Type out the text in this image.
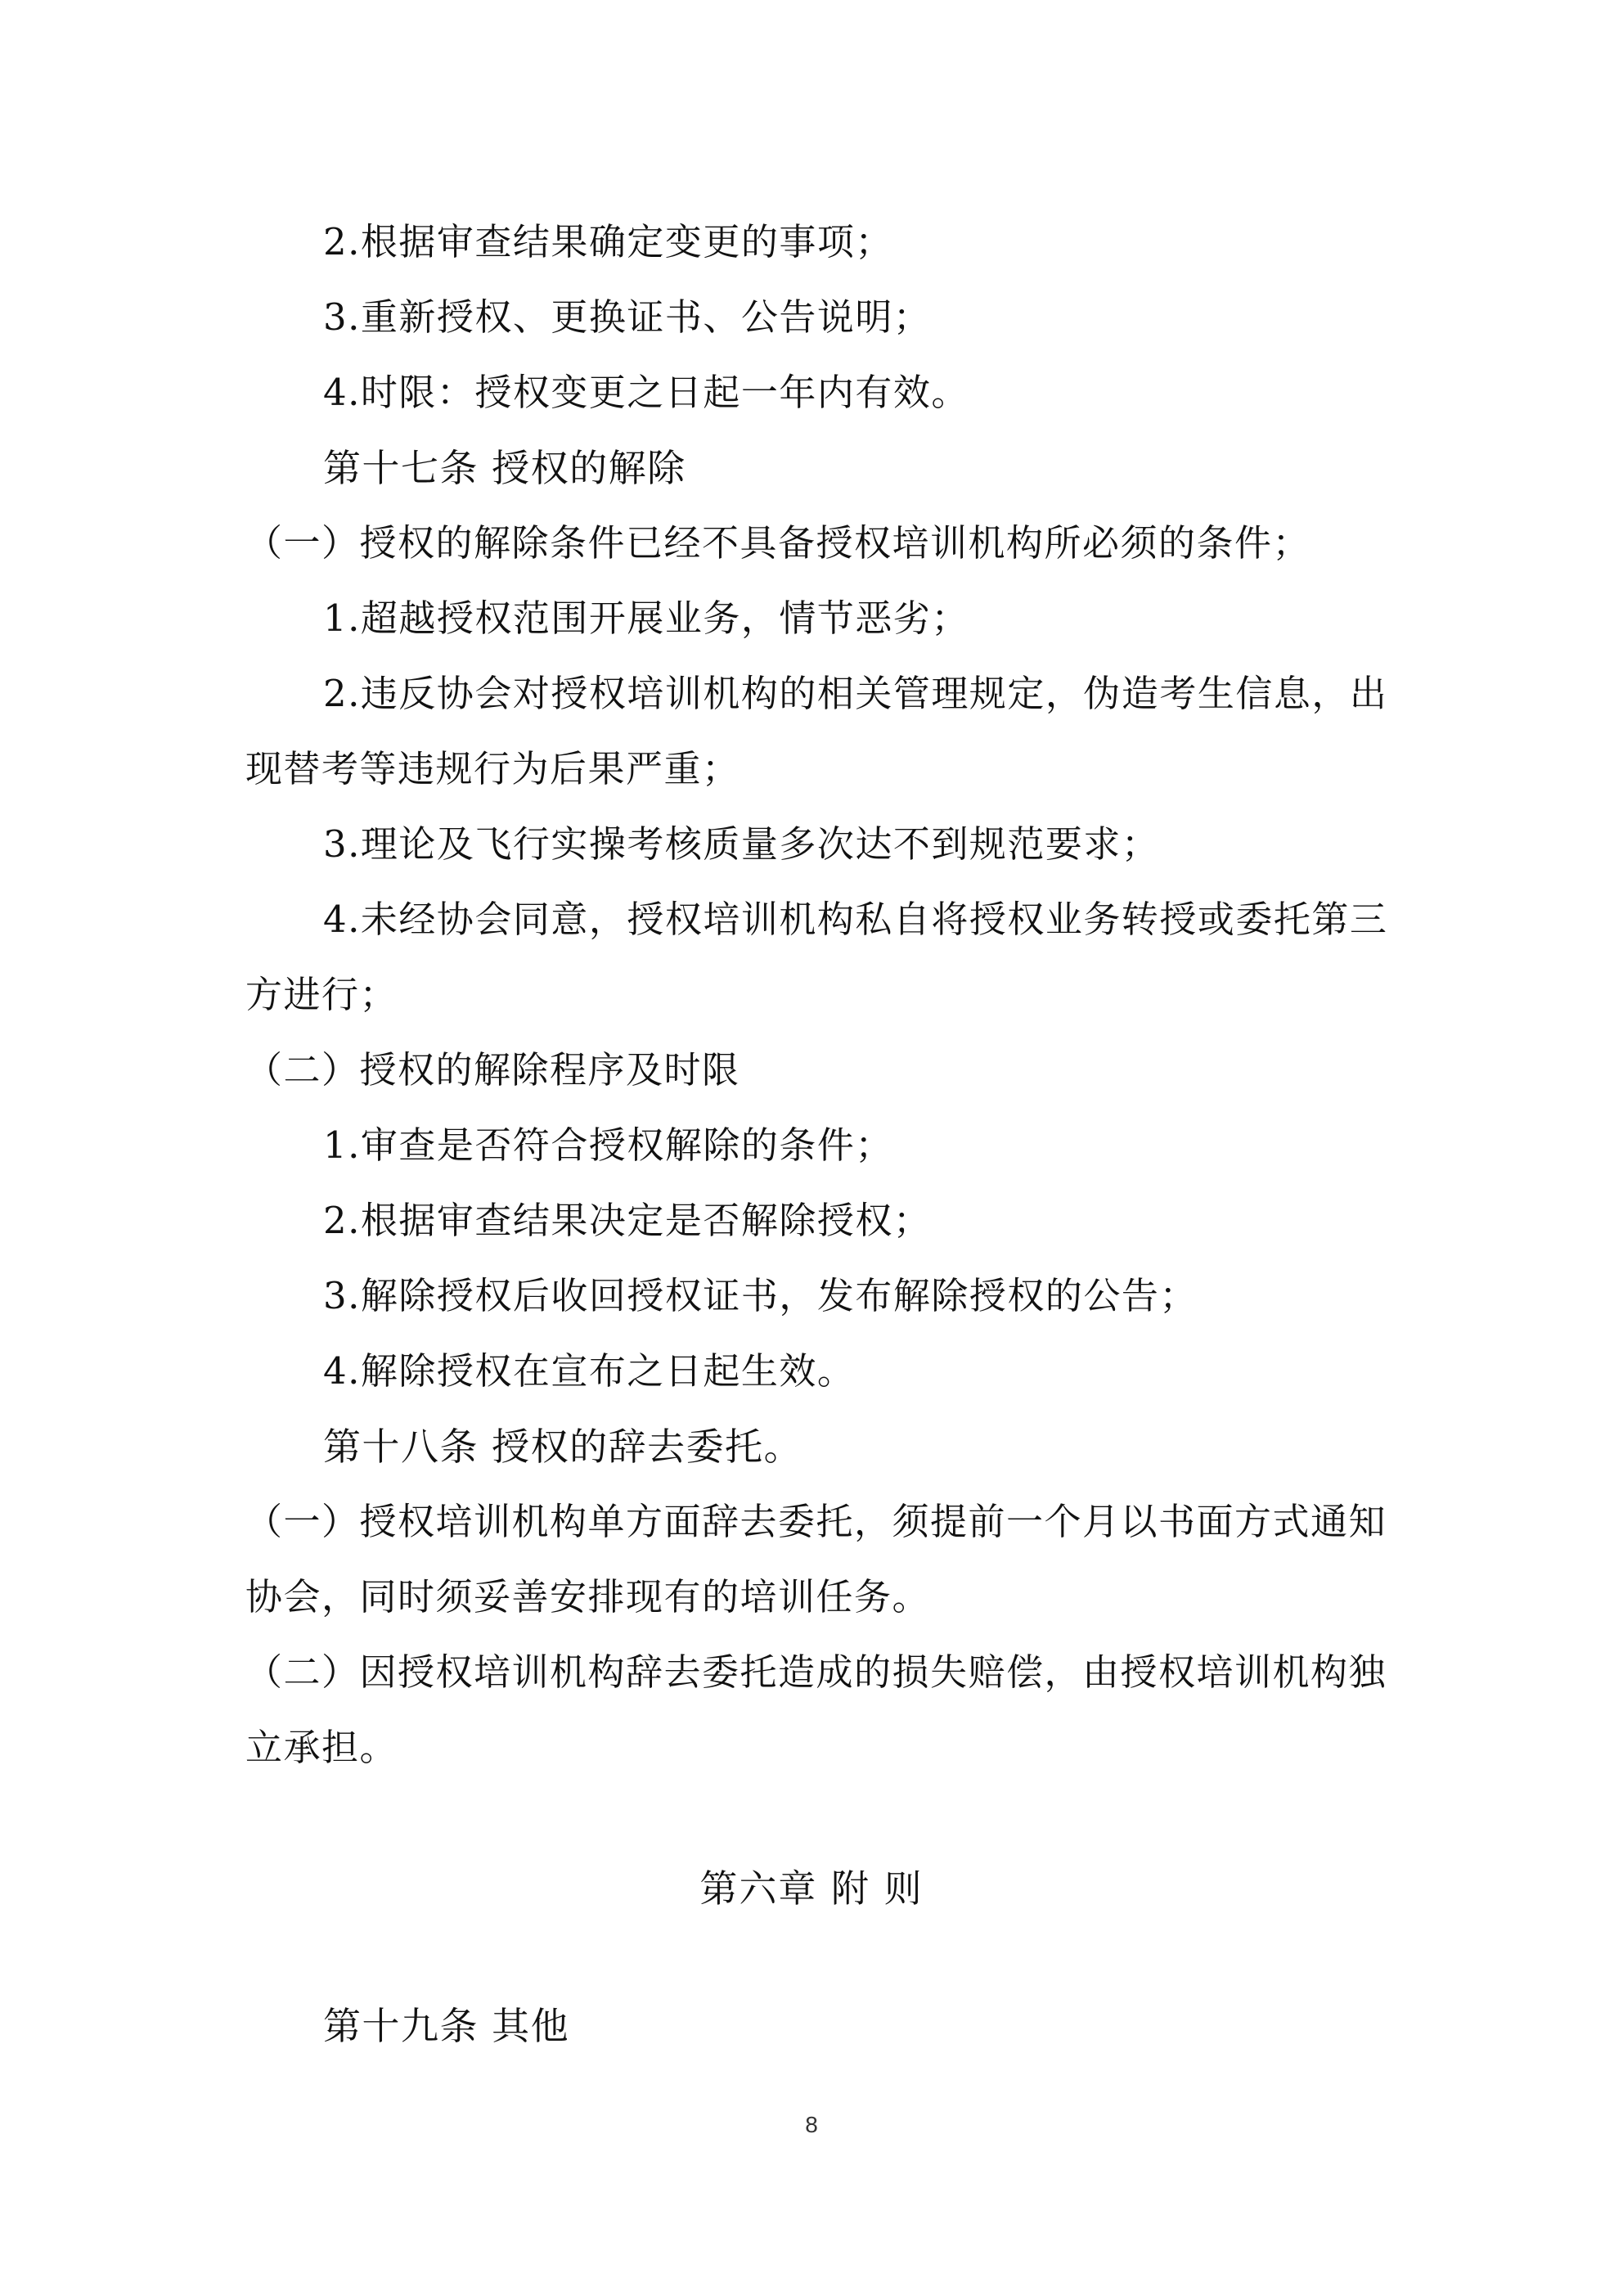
2.根据审查结果确定变更的事项；
3.重新授权、更换证书、公告说明；
4.时限：授权变更之日起一年内有效。
第十七条 授权的解除
（一）授权的解除条件已经不具备授权培训机构所必须的条件；
1.超越授权范围开展业务，情节恶劣；
2.违反协会对授权培训机构的相关管理规定，伪造考生信息，出
现替考等违规行为后果严重；
3.理论及飞行实操考核质量多次达不到规范要求；
4.未经协会同意，授权培训机构私自将授权业务转授或委托第三
方进行；
（二）授权的解除程序及时限
1.审查是否符合授权解除的条件；
2.根据审查结果决定是否解除授权；
3.解除授权后收回授权证书，发布解除授权的公告；
4.解除授权在宣布之日起生效。
第十八条 授权的辞去委托。
（一）授权培训机构单方面辞去委托，须提前一个月以书面方式通知
协会，同时须妥善安排现有的培训任务。
（二）因授权培训机构辞去委托造成的损失赔偿，由授权培训机构独
立承担。
第六章 附 则
第十九条 其他
8
